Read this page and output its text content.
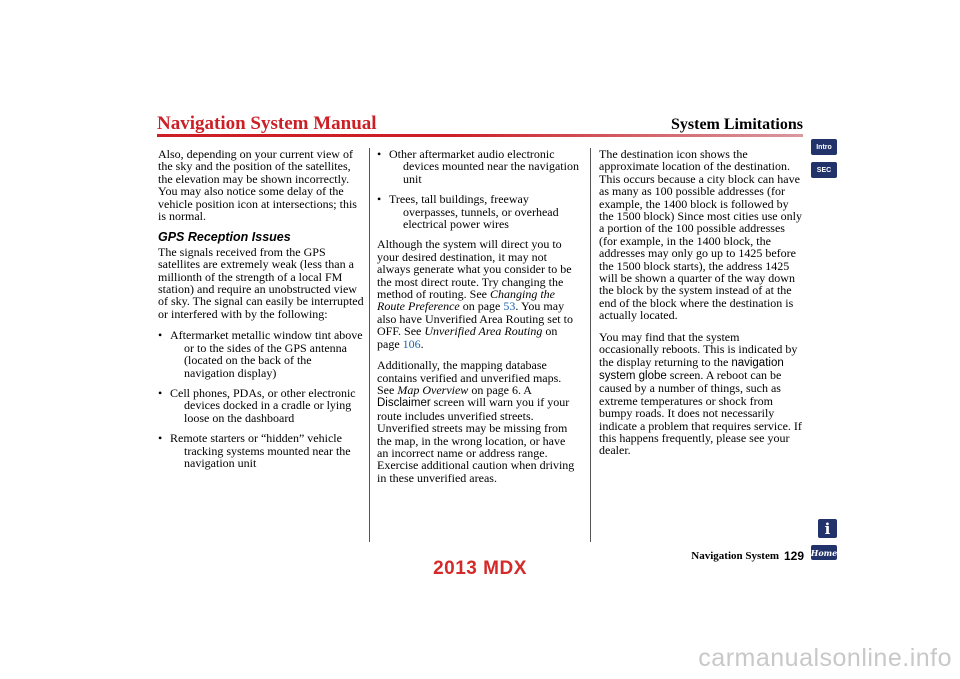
Navigation System Manual	System Limitations
Intro
SEC

Also, depending on your current view of the sky and the position of the satellites, the elevation may be shown incorrectly. You may also notice some delay of the vehicle position icon at intersections; this is normal.

GPS Reception Issues

The signals received from the GPS satellites are extremely weak (less than a millionth of the strength of a local FM station) and require an unobstructed view of sky. The signal can easily be interrupted or interfered with by the following:

• Aftermarket metallic window tint above or to the sides of the GPS antenna (located on the back of the navigation display)
• Cell phones, PDAs, or other electronic devices docked in a cradle or lying loose on the dashboard
• Remote starters or “hidden” vehicle tracking systems mounted near the navigation unit
• Other aftermarket audio electronic devices mounted near the navigation unit
• Trees, tall buildings, freeway overpasses, tunnels, or overhead electrical power wires

Although the system will direct you to your desired destination, it may not always generate what you consider to be the most direct route. Try changing the method of routing. See Changing the Route Preference on page 53. You may also have Unverified Area Routing set to OFF. See Unverified Area Routing on page 106.

Additionally, the mapping database contains verified and unverified maps. See Map Overview on page 6. A Disclaimer screen will warn you if your route includes unverified streets. Unverified streets may be missing from the map, in the wrong location, or have an incorrect name or address range. Exercise additional caution when driving in these unverified areas.

The destination icon shows the approximate location of the destination. This occurs because a city block can have as many as 100 possible addresses (for example, the 1400 block is followed by the 1500 block) Since most cities use only a portion of the 100 possible addresses (for example, in the 1400 block, the addresses may only go up to 1425 before the 1500 block starts), the address 1425 will be shown a quarter of the way down the block by the system instead of at the end of the block where the destination is actually located.

You may find that the system occasionally reboots. This is indicated by the display returning to the navigation system globe screen. A reboot can be caused by a number of things, such as extreme temperatures or shock from bumpy roads. It does not necessarily indicate a problem that requires service. If this happens frequently, please see your dealer.

i
Navigation System 129 Home
2013 MDX
carmanualsonline.info
